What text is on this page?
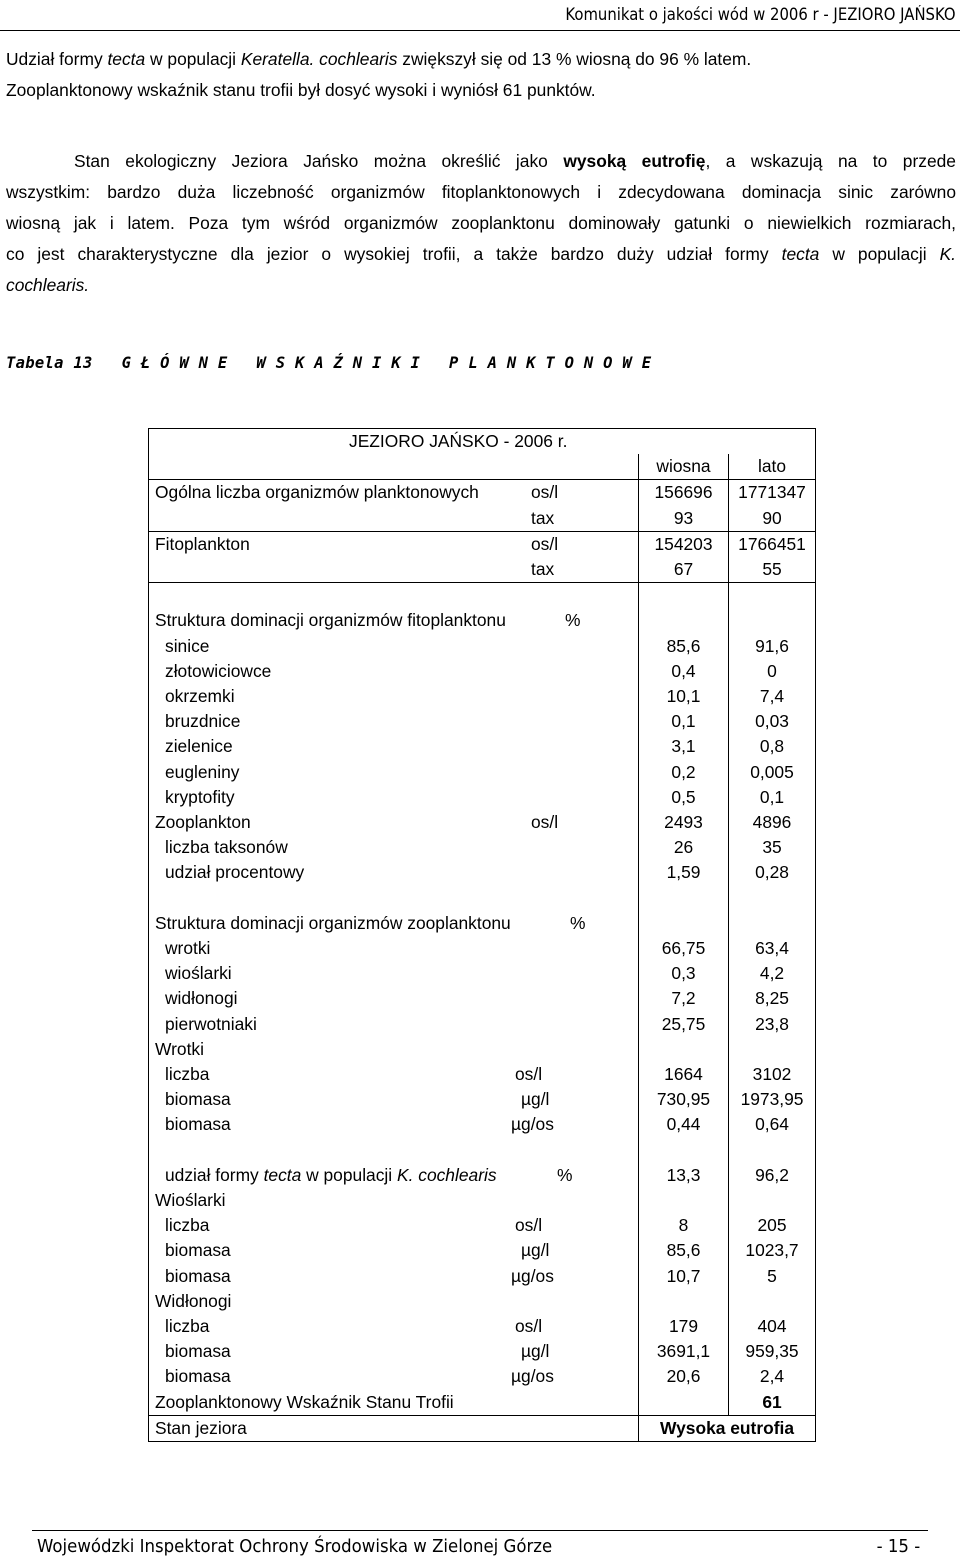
Komunikat o jakości wód w 2006 r - JEZIORO JAŃSKO

Udział formy tecta w populacji Keratella. cochlearis zwiększył się od 13 % wiosną do 96 % latem.

Zooplanktonowy wskaźnik stanu trofii był dosyć wysoki i wyniósł 61 punktów.

Stan ekologiczny Jeziora Jańsko można określić jako wysoką eutrofię, a wskazują na to przede

wszystkim: bardzo duża liczebność organizmów fitoplanktonowych i zdecydowana dominacja sinic zarówno

wiosną jak i latem. Poza tym wśród organizmów zooplanktonu dominowały gatunki o niewielkich rozmiarach,

co jest charakterystyczne dla jezior o wysokiej trofii, a także bardzo duży udział formy tecta w populacji K.

cochlearis.

Tabela 13   G Ł Ó W N E   W S K A Ź N I K I   P L A N K T O N O W E
JEZIORO JAŃSKO - 2006 r.		
	wiosna	lato
Ogólna liczba organizmów planktonowych os/l	156696	1771347

tax	93	90
Fitoplankton os/l	154203	1766451

tax	67	55

Struktura dominacji organizmów fitoplanktonu %		

sinice	85,6	91,6
złotowiciowce	0,4	0
okrzemki	10,1	7,4
bruzdnice	0,1	0,03
zielenice	3,1	0,8
eugleniny	0,2	0,005
kryptofity	0,5	0,1
Zooplankton os/l	2493	4896
liczba taksonów	26	35
udział procentowy	1,59	0,28

Struktura dominacji organizmów zooplanktonu %		

wrotki	66,75	63,4
wioślarki	0,3	4,2
widłonogi	7,2	8,25
pierwotniaki	25,75	23,8
Wrotki

liczba os/l	1664	3102
biomasa µg/l	730,95	1973,95
biomasa µg/os	0,44	0,64

udział formy tecta w populacji K. cochlearis %	13,3	96,2
Wioślarki

liczba os/l	8	205
biomasa µg/l	85,6	1023,7
biomasa µg/os	10,7	5
Widłonogi

liczba os/l	179	404
biomasa µg/l	3691,1	959,35
biomasa µg/os	20,6	2,4
Zooplanktonowy Wskaźnik Stanu Trofii		61
Stan jeziora	Wysoka eutrofia	
Wojewódzki Inspektorat Ochrony Środowiska w Zielonej Górze	- 15 -
